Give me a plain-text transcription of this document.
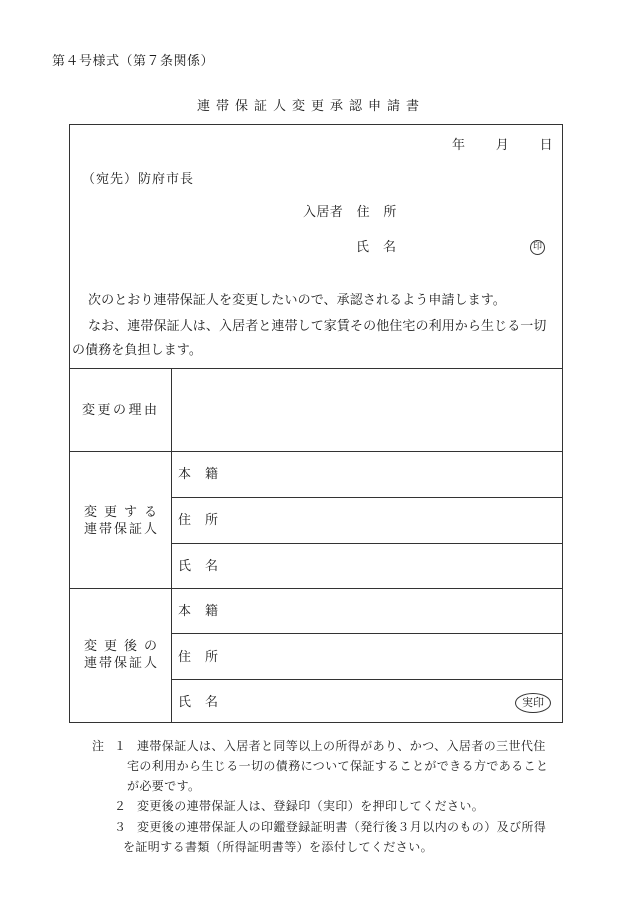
第４号様式（第７条関係）
連帯保証人変更承認申請書
年　　月　　日
（宛先）防府市長
入居者　住　所
氏　名	印
次のとおり連帯保証人を変更したいので、承認されるよう申請します。
なお、連帯保証人は、入居者と連帯して家賃その他住宅の利用から生じる一切
の債務を負担します。
変更の理由
変更する
連帯保証人
本　籍
住　所
氏　名
変更後の
連帯保証人
本　籍
住　所
氏　名	実印
注 １ 連帯保証人は、入居者と同等以上の所得があり、かつ、入居者の三世代住
宅の利用から生じる一切の債務について保証することができる方であること
が必要です。
２ 変更後の連帯保証人は、登録印（実印）を押印してください。
３ 変更後の連帯保証人の印鑑登録証明書（発行後３月以内のもの）及び所得
を証明する書類（所得証明書等）を添付してください。
